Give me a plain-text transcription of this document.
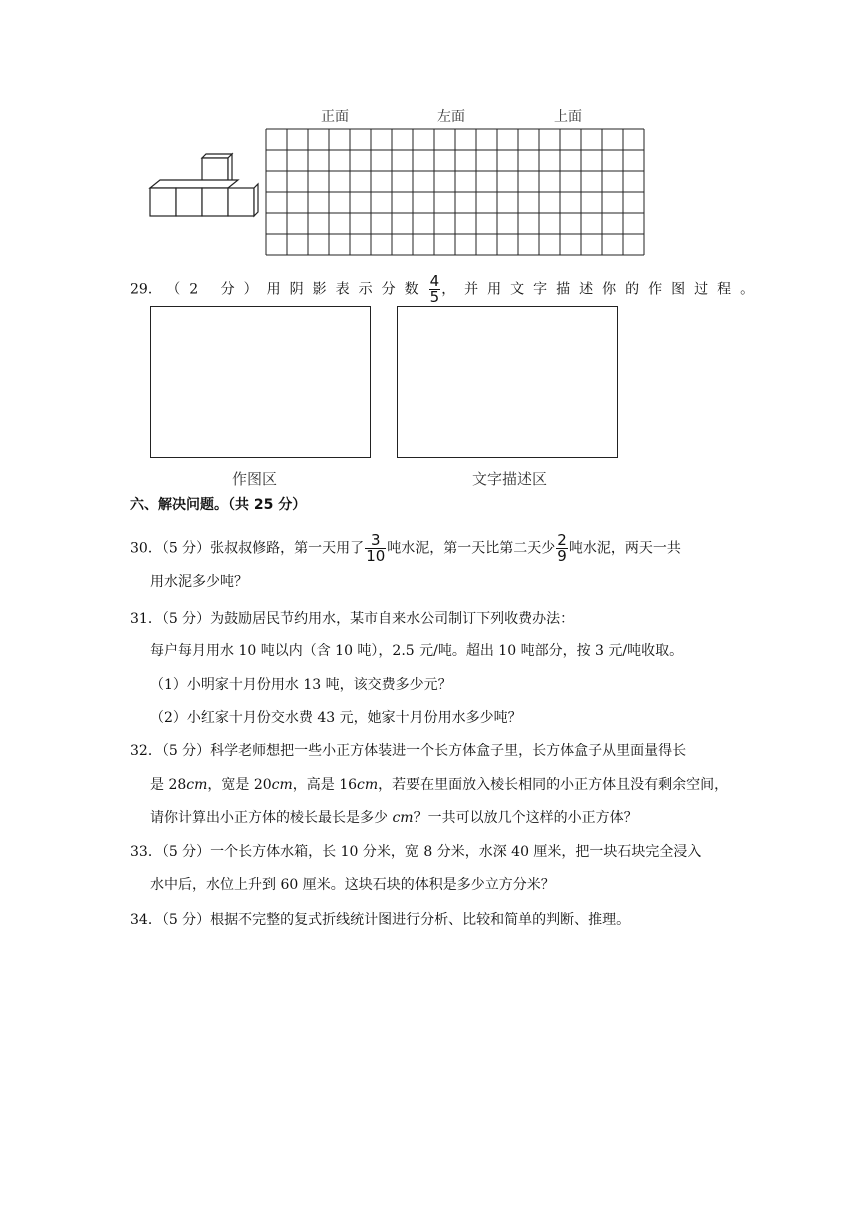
正面	左面	上面
29． （2 分）用阴影表示分数 $\frac{4}{5}$ ，并用文字描述你的作图过程。
作图区	文字描述区
六、解决问题。（共 25 分）
30．（5 分）张叔叔修路，第一天用了 $\frac{3}{10}$ 吨水泥，第一天比第二天少 $\frac{2}{9}$ 吨水泥，两天一共
用水泥多少吨？
31．（5 分）为鼓励居民节约用水，某市自来水公司制订下列收费办法：
每户每月用水 10 吨以内（含 10 吨），2.5 元/吨。超出 10 吨部分，按 3 元/吨收取。
（1）小明家十月份用水 13 吨，该交费多少元？
（2）小红家十月份交水费 43 元，她家十月份用水多少吨？
32．（5 分）科学老师想把一些小正方体装进一个长方体盒子里，长方体盒子从里面量得长
是 28cm，宽是 20cm，高是 16cm，若要在里面放入棱长相同的小正方体且没有剩余空间，
请你计算出小正方体的棱长最长是多少 cm？一共可以放几个这样的小正方体？
33．（5 分）一个长方体水箱，长 10 分米，宽 8 分米，水深 40 厘米，把一块石块完全浸入
水中后，水位上升到 60 厘米。这块石块的体积是多少立方分米？
34．（5 分）根据不完整的复式折线统计图进行分析、比较和简单的判断、推理。
